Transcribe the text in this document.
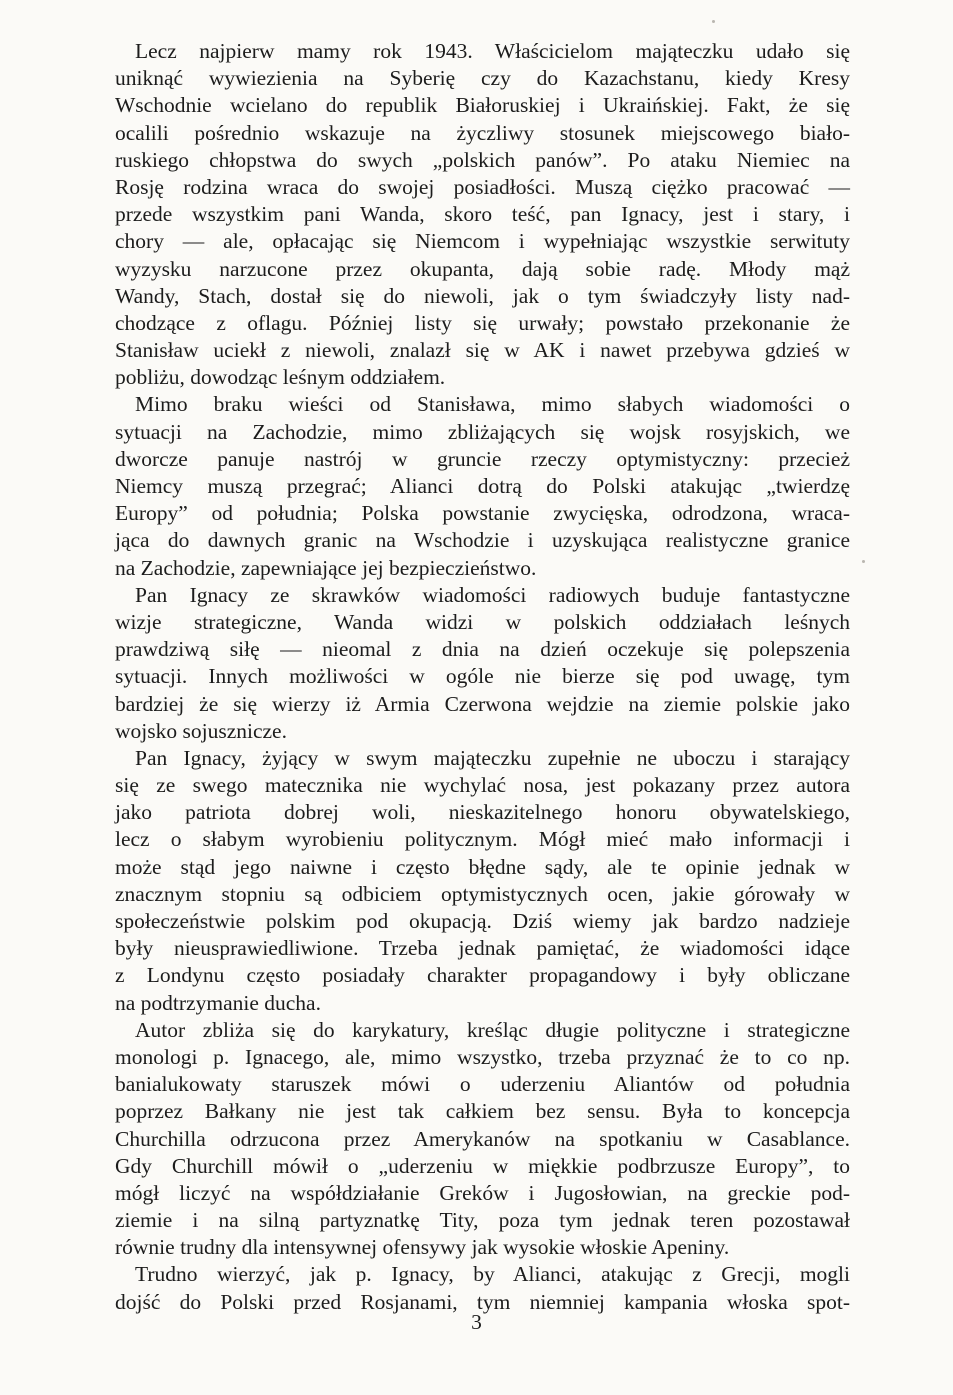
Lecz najpierw mamy rok 1943. Właścicielom mająteczku udało się
uniknąć wywiezienia na Syberię czy do Kazachstanu, kiedy Kresy
Wschodnie wcielano do republik Białoruskiej i Ukraińskiej. Fakt, że się
ocalili pośrednio wskazuje na życzliwy stosunek miejscowego biało-
ruskiego chłopstwa do swych „polskich panów”. Po ataku Niemiec na
Rosję rodzina wraca do swojej posiadłości. Muszą ciężko pracować —
przede wszystkim pani Wanda, skoro teść, pan Ignacy, jest i stary, i
chory — ale, opłacając się Niemcom i wypełniając wszystkie serwituty
wyzysku narzucone przez okupanta, dają sobie radę. Młody mąż
Wandy, Stach, dostał się do niewoli, jak o tym świadczyły listy nad-
chodzące z oflagu. Później listy się urwały; powstało przekonanie że
Stanisław uciekł z niewoli, znalazł się w AK i nawet przebywa gdzieś w
pobliżu, dowodząc leśnym oddziałem.
Mimo braku wieści od Stanisława, mimo słabych wiadomości o
sytuacji na Zachodzie, mimo zbliżających się wojsk rosyjskich, we
dworcze panuje nastrój w gruncie rzeczy optymistyczny: przecież
Niemcy muszą przegrać; Alianci dotrą do Polski atakując „twierdzę
Europy” od południa; Polska powstanie zwycięska, odrodzona, wraca-
jąca do dawnych granic na Wschodzie i uzyskująca realistyczne granice
na Zachodzie, zapewniające jej bezpieczieństwo.
Pan Ignacy ze skrawków wiadomości radiowych buduje fantastyczne
wizje strategiczne, Wanda widzi w polskich oddziałach leśnych
prawdziwą siłę — nieomal z dnia na dzień oczekuje się polepszenia
sytuacji. Innych możliwości w ogóle nie bierze się pod uwagę, tym
bardziej że się wierzy iż Armia Czerwona wejdzie na ziemie polskie jako
wojsko sojusznicze.
Pan Ignacy, żyjący w swym mająteczku zupełnie ne uboczu i starający
się ze swego matecznika nie wychylać nosa, jest pokazany przez autora
jako patriota dobrej woli, nieskazitelnego honoru obywatelskiego,
lecz o słabym wyrobieniu politycznym. Mógł mieć mało informacji i
może stąd jego naiwne i często błędne sądy, ale te opinie jednak w
znacznym stopniu są odbiciem optymistycznych ocen, jakie górowały w
społeczeństwie polskim pod okupacją. Dziś wiemy jak bardzo nadzieje
były nieusprawiedliwione. Trzeba jednak pamiętać, że wiadomości idące
z Londynu często posiadały charakter propagandowy i były obliczane
na podtrzymanie ducha.
Autor zbliża się do karykatury, kreśląc długie polityczne i strategiczne
monologi p. Ignacego, ale, mimo wszystko, trzeba przyznać że to co np.
banialukowaty staruszek mówi o uderzeniu Aliantów od południa
poprzez Bałkany nie jest tak całkiem bez sensu. Była to koncepcja
Churchilla odrzucona przez Amerykanów na spotkaniu w Casablance.
Gdy Churchill mówił o „uderzeniu w miękkie podbrzusze Europy”, to
mógł liczyć na współdziałanie Greków i Jugosłowian, na greckie pod-
ziemie i na silną partyznatkę Tity, poza tym jednak teren pozostawał
równie trudny dla intensywnej ofensywy jak wysokie włoskie Apeniny.
Trudno wierzyć, jak p. Ignacy, by Alianci, atakując z Grecji, mogli
dojść do Polski przed Rosjanami, tym niemniej kampania włoska spot-
3
